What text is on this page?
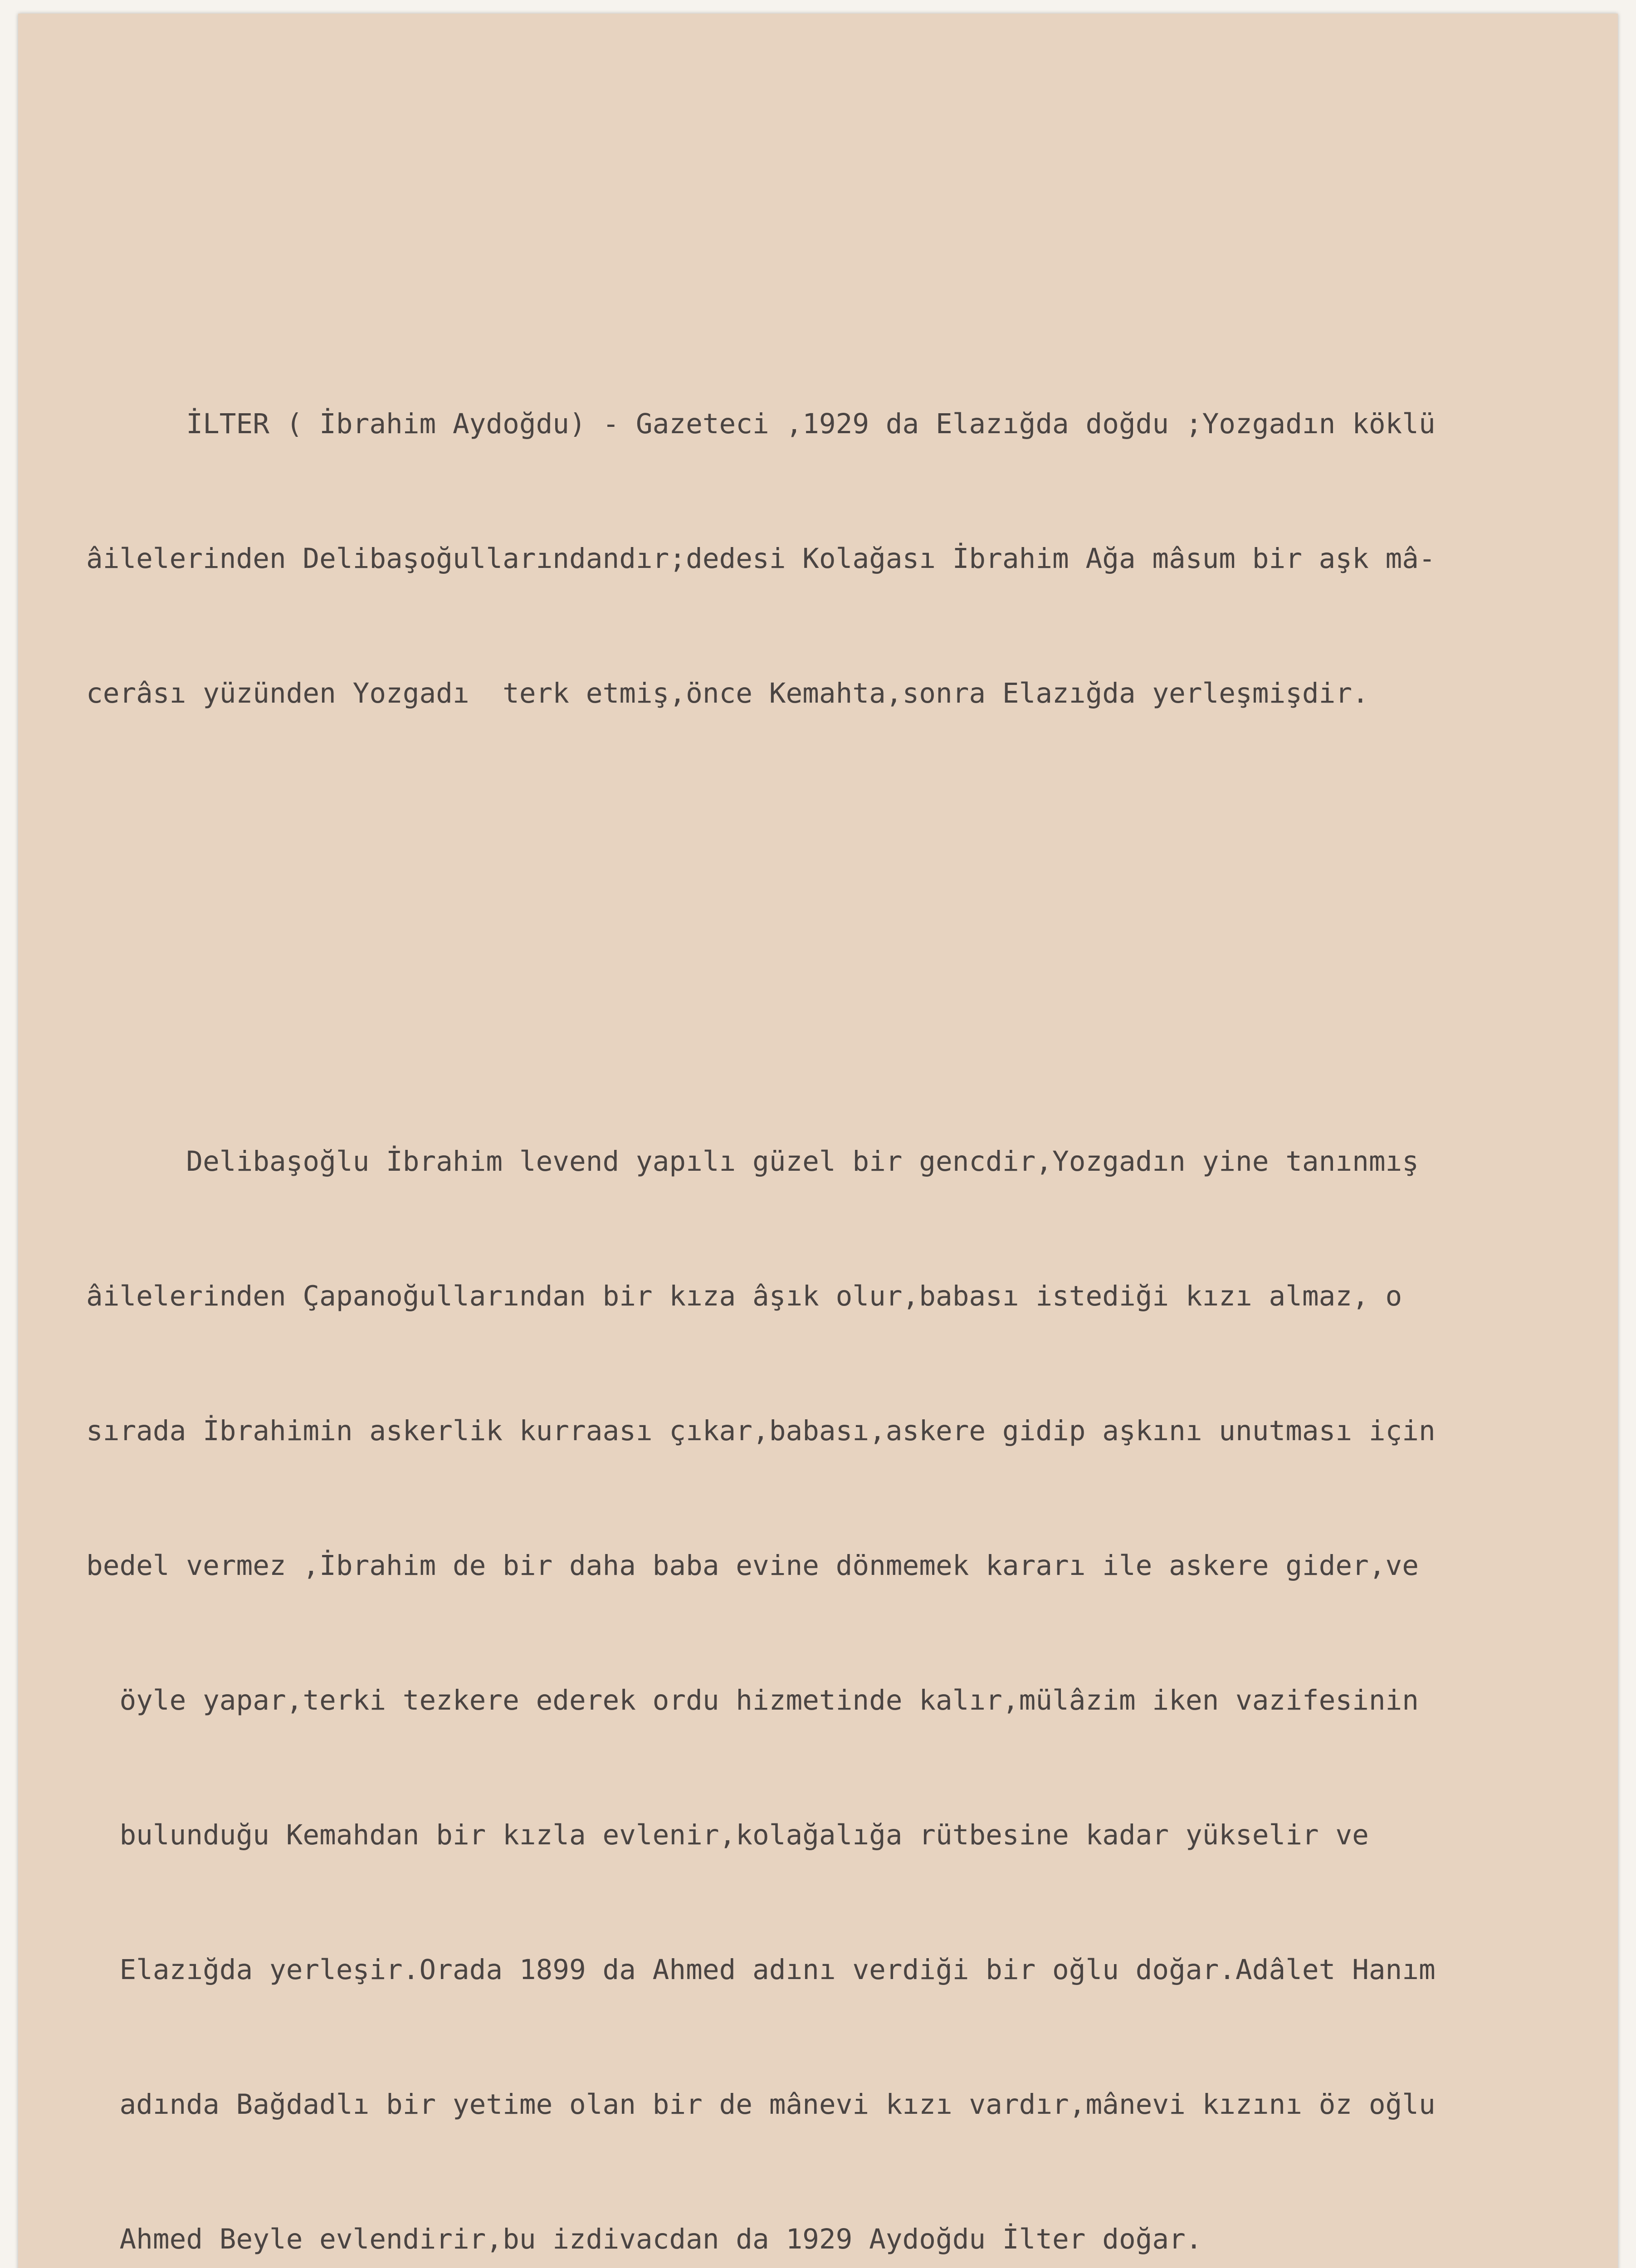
İLTER ( İbrahim Aydoğdu) - Gazeteci ,1929 da Elazığda doğdu ;Yozgadın köklü

âilelerinden Delibaşoğullarındandır;dedesi Kolağası İbrahim Ağa mâsum bir aşk mâ-

cerâsı yüzünden Yozgadı  terk etmiş,önce Kemahta,sonra Elazığda yerleşmişdir.

Delibaşoğlu İbrahim levend yapılı güzel bir gencdir,Yozgadın yine tanınmış

âilelerinden Çapanoğullarından bir kıza âşık olur,babası istediği kızı almaz, o

sırada İbrahimin askerlik kurraası çıkar,babası,askere gidip aşkını unutması için

bedel vermez ,İbrahim de bir daha baba evine dönmemek kararı ile askere gider,ve

öyle yapar,terki tezkere ederek ordu hizmetinde kalır,mülâzim iken vazifesinin

bulunduğu Kemahdan bir kızla evlenir,kolağalığa rütbesine kadar yükselir ve

Elazığda yerleşir.Orada 1899 da Ahmed adını verdiği bir oğlu doğar.Adâlet Hanım

adında Bağdadlı bir yetime olan bir de mânevi kızı vardır,mânevi kızını öz oğlu

Ahmed Beyle evlendirir,bu izdivacdan da 1929 Aydoğdu İlter doğar.
